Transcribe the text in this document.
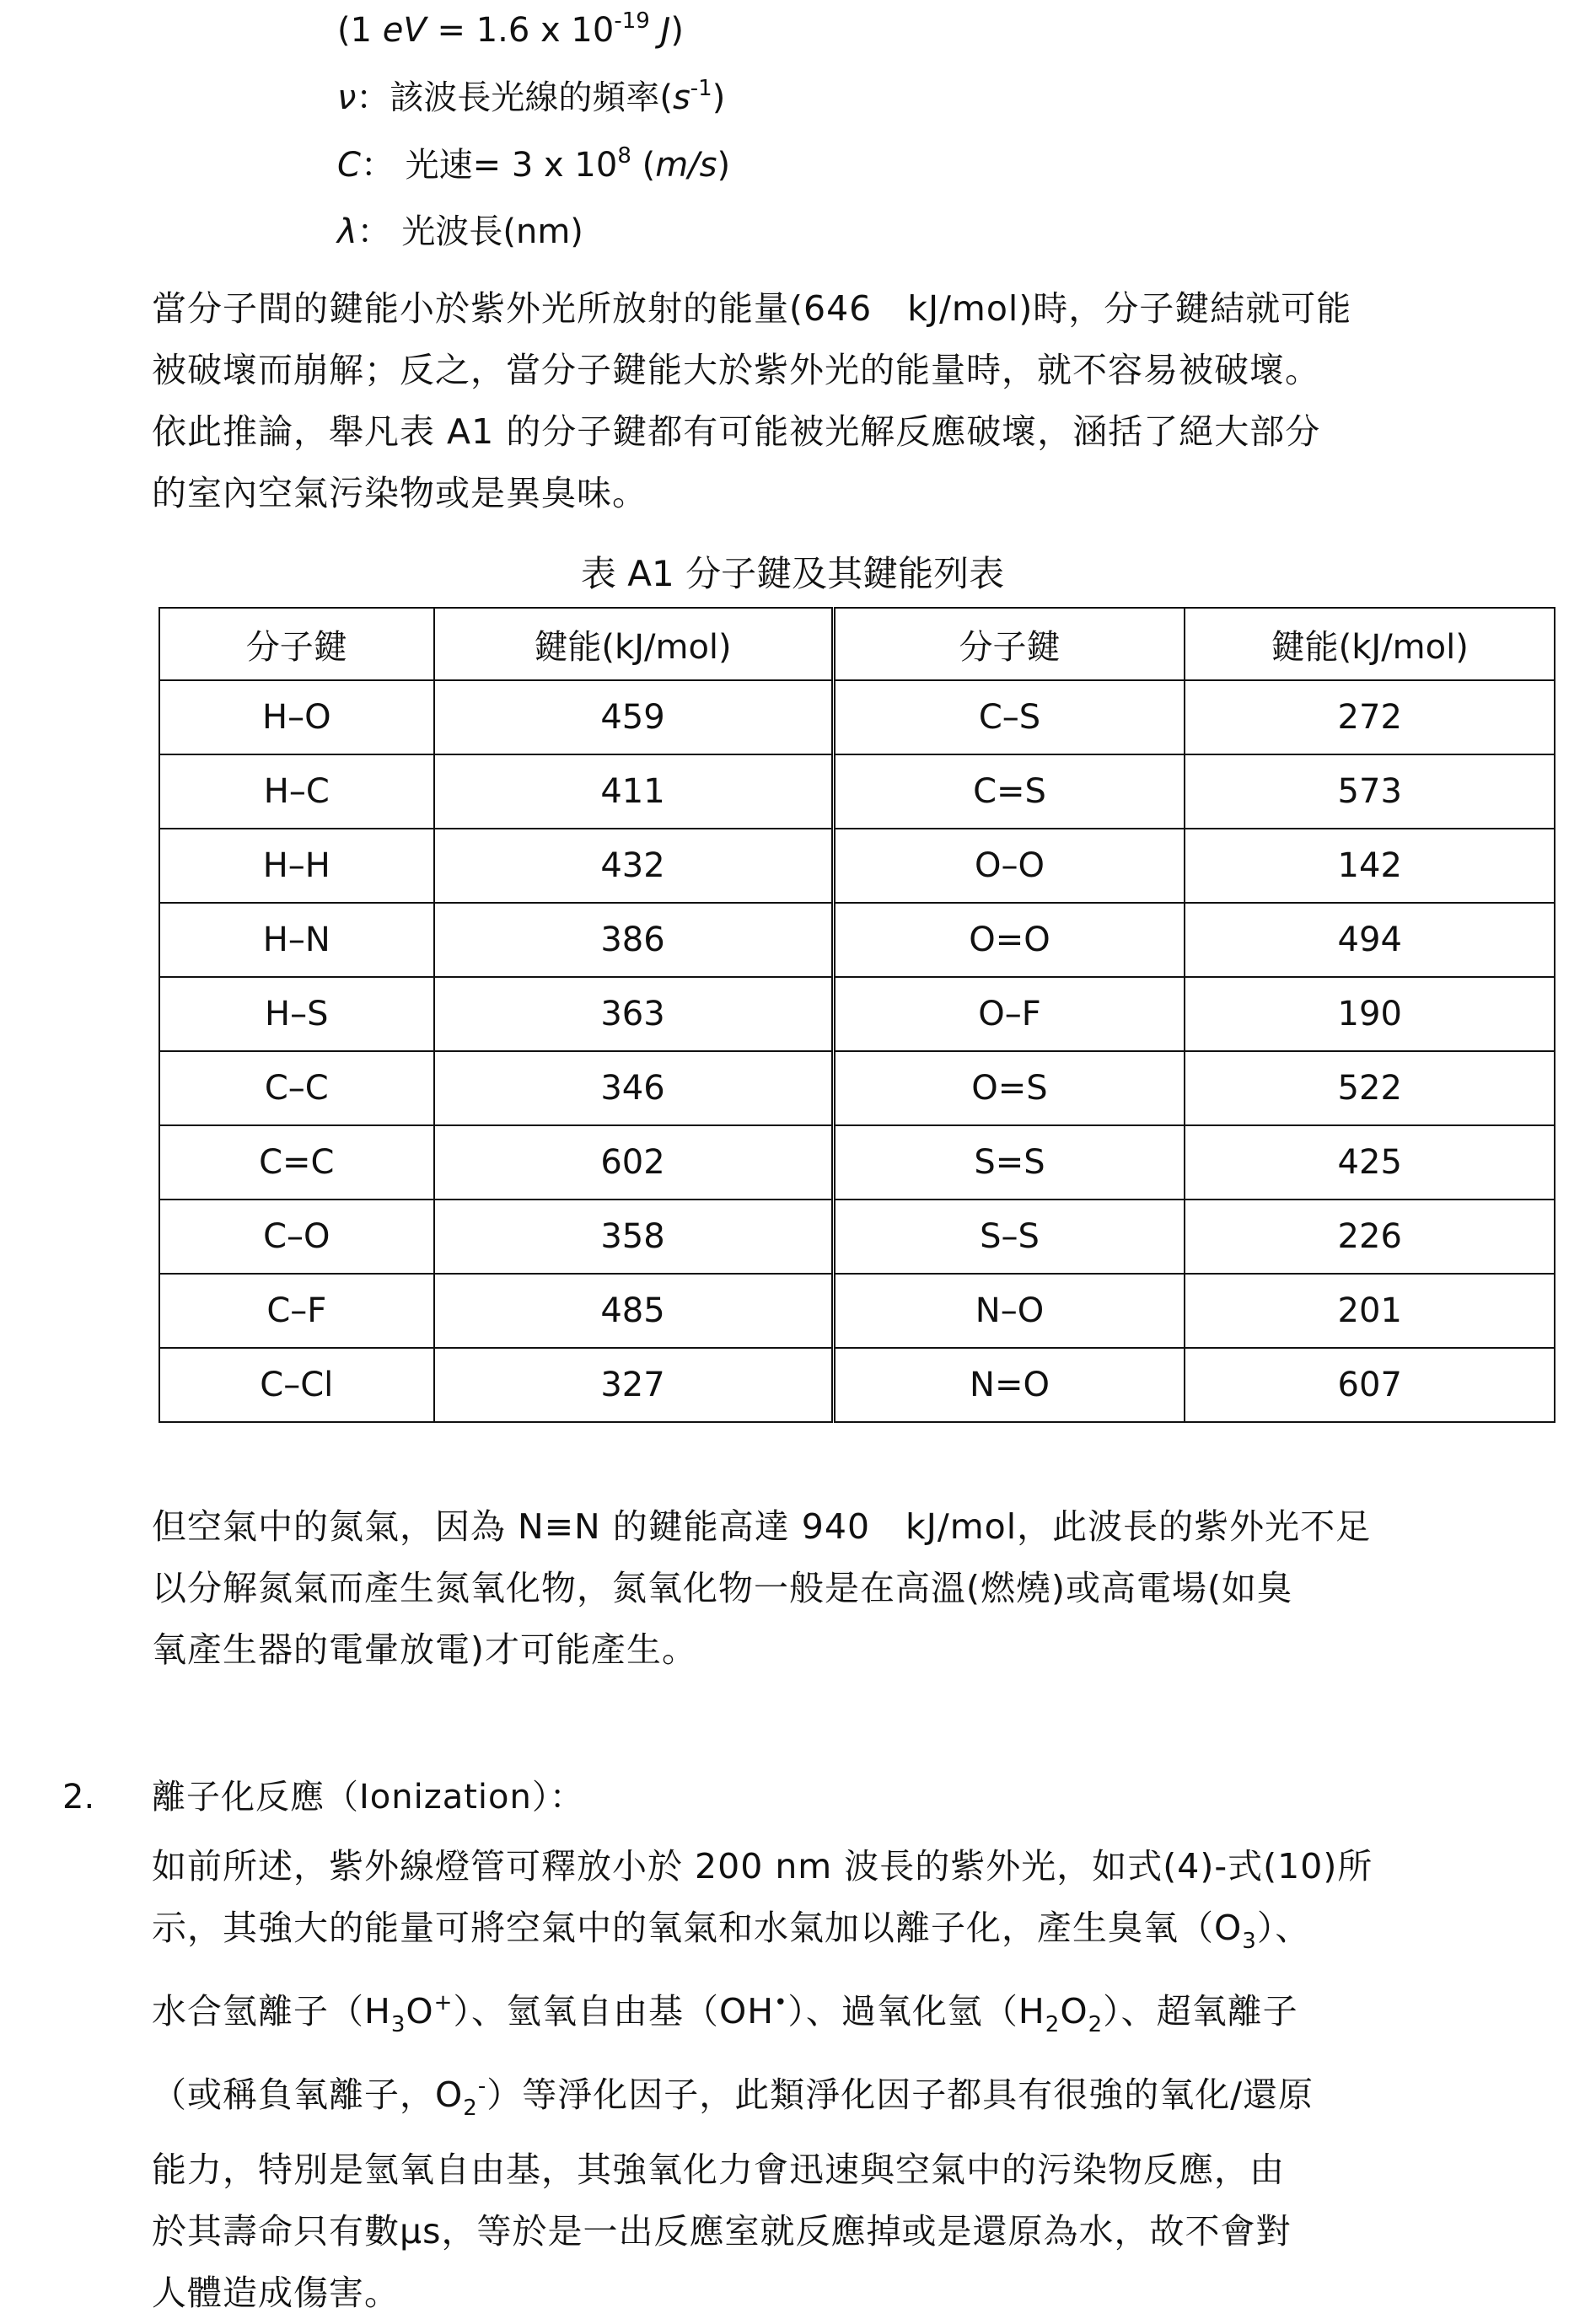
(1 eV = 1.6 x $10^{-19}$ J)
ν：該波長光線的頻率$(s^{-1})$
C： 光速= 3 x $10^8$ (m/s)
λ： 光波長(nm)

當分子間的鍵能小於紫外光所放射的能量(646　kJ/mol)時，分子鍵結就可能

被破壞而崩解；反之，當分子鍵能大於紫外光的能量時，就不容易被破壞。

依此推論，舉凡表 A1 的分子鍵都有可能被光解反應破壞，涵括了絕大部分

的室內空氣污染物或是異臭味。

表 A1 分子鍵及其鍵能列表
分子鍵	鍵能(kJ/mol)	分子鍵	鍵能(kJ/mol)
H–O	459	C–S	272
H–C	411	C=S	573
H–H	432	O–O	142
H–N	386	O=O	494
H–S	363	O–F	190
C–C	346	O=S	522
C=C	602	S=S	425
C–O	358	S–S	226
C–F	485	N–O	201
C–Cl	327	N=O	607

但空氣中的氮氣，因為 N≡N 的鍵能高達 940　kJ/mol，此波長的紫外光不足

以分解氮氣而產生氮氧化物，氮氧化物一般是在高溫(燃燒)或高電場(如臭

氧產生器的電暈放電)才可能產生。

2. 離子化反應（Ionization）：

如前所述，紫外線燈管可釋放小於 200 nm 波長的紫外光，如式(4)-式(10)所

示，其強大的能量可將空氣中的氧氣和水氣加以離子化，產生臭氧$(O_3)$、

水合氫離子$(H_3O^+)$、氫氧自由基（OH•）、過氧化氫$(H_2O_2)$、超氧離子

（或稱負氧離子，$O_2^-$）等淨化因子，此類淨化因子都具有很強的氧化/還原

能力，特別是氫氧自由基，其強氧化力會迅速與空氣中的污染物反應，由

於其壽命只有數μs，等於是一出反應室就反應掉或是還原為水，故不會對

人體造成傷害。
